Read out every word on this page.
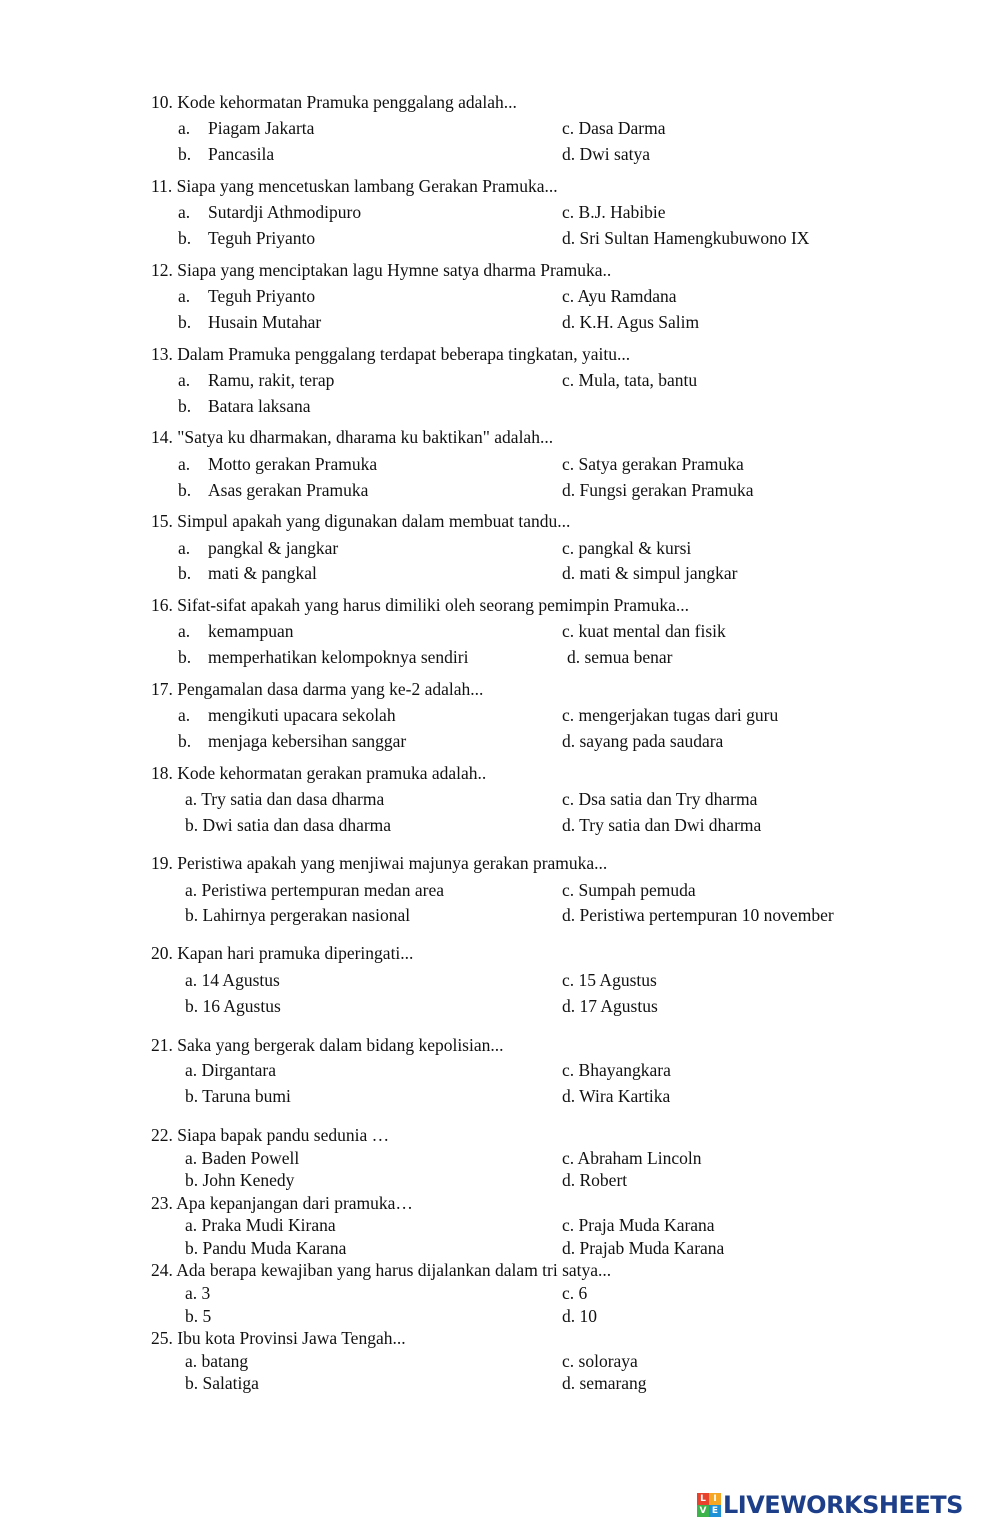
10. Kode kehormatan Pramuka penggalang adalah...
a. Piagam Jakarta	c. Dasa Darma
b. Pancasila	d. Dwi satya
11. Siapa yang mencetuskan lambang Gerakan Pramuka...
a. Sutardji Athmodipuro	c. B.J. Habibie
b. Teguh Priyanto	d. Sri Sultan Hamengkubuwono IX
12. Siapa yang menciptakan lagu Hymne satya dharma Pramuka..
a. Teguh Priyanto	c. Ayu Ramdana
b. Husain Mutahar	d. K.H. Agus Salim
13. Dalam Pramuka penggalang terdapat beberapa tingkatan, yaitu...
a. Ramu, rakit, terap	c. Mula, tata, bantu
b. Batara laksana
14. "Satya ku dharmakan, dharama ku baktikan" adalah...
a. Motto gerakan Pramuka	c. Satya gerakan Pramuka
b. Asas gerakan Pramuka	d. Fungsi gerakan Pramuka
15. Simpul apakah yang digunakan dalam membuat tandu...
a. pangkal & jangkar	c. pangkal & kursi
b. mati & pangkal	d. mati & simpul jangkar
16. Sifat-sifat apakah yang harus dimiliki oleh seorang pemimpin Pramuka...
a. kemampuan	c. kuat mental dan fisik
b. memperhatikan kelompoknya sendiri	d. semua benar
17. Pengamalan dasa darma yang ke-2 adalah...
a. mengikuti upacara sekolah	c. mengerjakan tugas dari guru
b. menjaga kebersihan sanggar	d. sayang pada saudara
18. Kode kehormatan gerakan pramuka adalah..
a. Try satia dan dasa dharma	c. Dsa satia dan Try dharma
b. Dwi satia dan dasa dharma	d. Try satia dan Dwi dharma
19. Peristiwa apakah yang menjiwai majunya gerakan pramuka...
a. Peristiwa pertempuran medan area	c. Sumpah pemuda
b. Lahirnya pergerakan nasional	d. Peristiwa pertempuran 10 november
20. Kapan hari pramuka diperingati...
a. 14 Agustus	c. 15 Agustus
b. 16 Agustus	d. 17 Agustus
21. Saka yang bergerak dalam bidang kepolisian...
a. Dirgantara	c. Bhayangkara
b. Taruna bumi	d. Wira Kartika
22. Siapa bapak pandu sedunia …
a. Baden Powell	c. Abraham Lincoln
b. John Kenedy	d. Robert
23. Apa kepanjangan dari pramuka…
a. Praka Mudi Kirana	c. Praja Muda Karana
b. Pandu Muda Karana	d. Prajab Muda Karana
24. Ada berapa kewajiban yang harus dijalankan dalam tri satya...
a. 3	c. 6
b. 5	d. 10
25. Ibu kota Provinsi Jawa Tengah...
a. batang	c. soloraya
b. Salatiga	d. semarang
L I
V E LIVEWORKSHEETS
